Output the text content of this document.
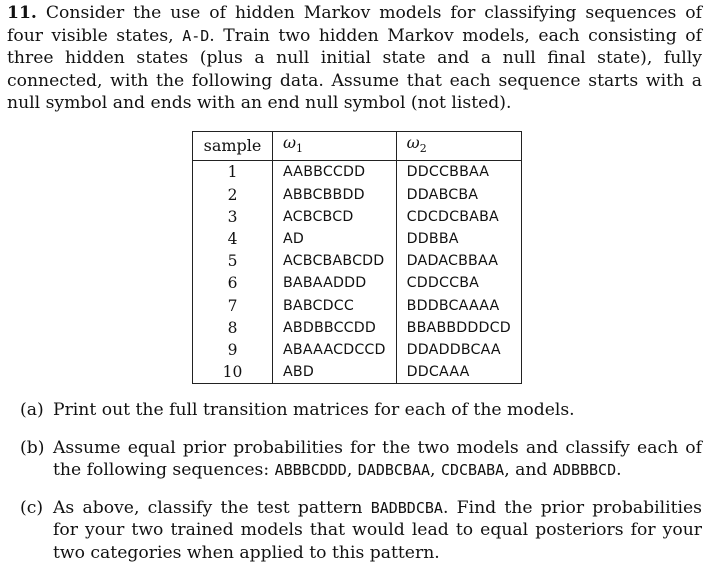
11. Consider the use of hidden Markov models for classifying sequences of four visible states, A-D. Train two hidden Markov models, each consisting of three hidden states (plus a null initial state and a null final state), fully connected, with the following data. Assume that each sequence starts with a null symbol and ends with an end null symbol (not listed).

sample	$\omega_1$	$\omega_2$
1	AABBCCDD	DDCCBBAA
2	ABBCBBDD	DDABCBA
3	ACBCBCD	CDCDCBABA
4	AD	DDBBA
5	ACBCBABCDD	DADACBBAA
6	BABAADDD	CDDCCBA
7	BABCDCC	BDDBCAAAA
8	ABDBBCCDD	BBABBDDDCD
9	ABAAACDCCD	DDADDBCAA
10	ABD	DDCAAA
(a) Print out the full transition matrices for each of the models.
(b) Assume equal prior probabilities for the two models and classify each of the following sequences: ABBBCDDD, DADBCBAA, CDCBABA, and ADBBBCD.
(c) As above, classify the test pattern BADBDCBA. Find the prior probabilities for your two trained models that would lead to equal posteriors for your two categories when applied to this pattern.
